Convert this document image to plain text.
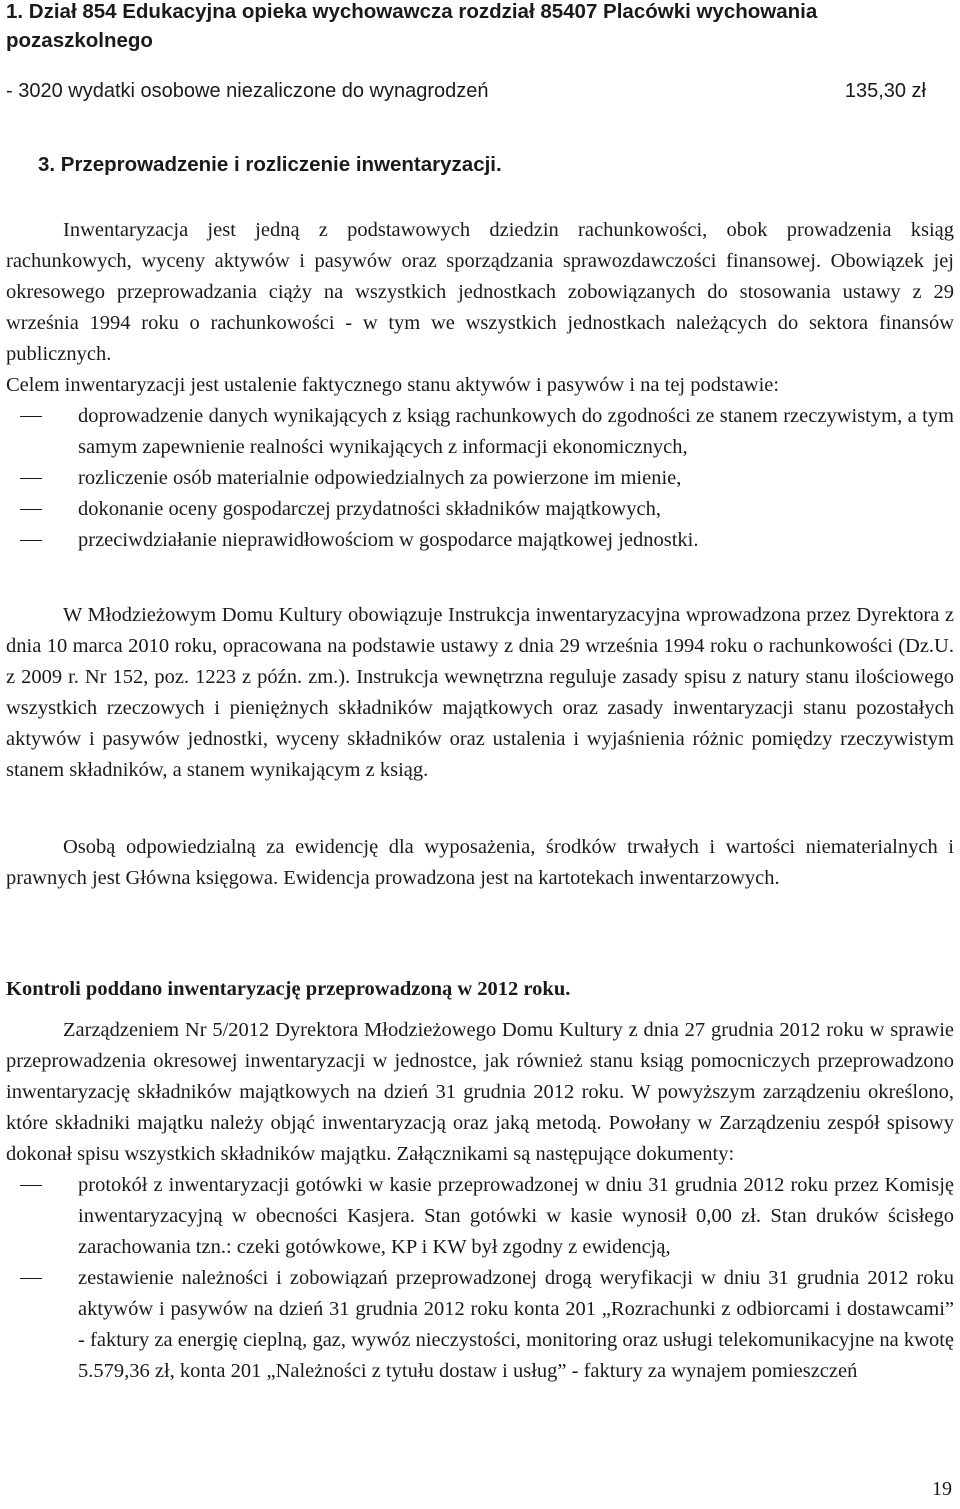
1. Dział 854 Edukacyjna opieka wychowawcza rozdział 85407 Placówki wychowania pozaszkolnego
- 3020 wydatki osobowe niezaliczone do wynagrodzeń	135,30 zł
3. Przeprowadzenie i rozliczenie inwentaryzacji.

Inwentaryzacja jest jedną z podstawowych dziedzin rachunkowości, obok prowadzenia ksiąg rachunkowych, wyceny aktywów i pasywów oraz sporządzania sprawozdawczości finansowej. Obowiązek jej okresowego przeprowadzania ciąży na wszystkich jednostkach zobowiązanych do stosowania ustawy z 29 września 1994 roku o rachunkowości - w tym we wszystkich jednostkach należących do sektora finansów publicznych.

Celem inwentaryzacji jest ustalenie faktycznego stanu aktywów i pasywów i na tej podstawie:

doprowadzenie danych wynikających z ksiąg rachunkowych do zgodności ze stanem rzeczywistym, a tym samym zapewnienie realności wynikających z informacji ekonomicznych,
rozliczenie osób materialnie odpowiedzialnych za powierzone im mienie,
dokonanie oceny gospodarczej przydatności składników majątkowych,
przeciwdziałanie nieprawidłowościom w gospodarce majątkowej jednostki.

W Młodzieżowym Domu Kultury obowiązuje Instrukcja inwentaryzacyjna wprowadzona przez Dyrektora z dnia 10 marca 2010 roku, opracowana na podstawie ustawy z dnia 29 września 1994 roku o rachunkowości (Dz.U. z 2009 r. Nr 152, poz. 1223 z późn. zm.). Instrukcja wewnętrzna reguluje zasady spisu z natury stanu ilościowego wszystkich rzeczowych i pieniężnych składników majątkowych oraz zasady inwentaryzacji stanu pozostałych aktywów i pasywów jednostki, wyceny składników oraz ustalenia i wyjaśnienia różnic pomiędzy rzeczywistym stanem składników, a stanem wynikającym z ksiąg.

Osobą odpowiedzialną za ewidencję dla wyposażenia, środków trwałych i wartości niematerialnych i prawnych jest Główna księgowa. Ewidencja prowadzona jest na kartotekach inwentarzowych.

Kontroli poddano inwentaryzację przeprowadzoną w 2012 roku.

Zarządzeniem Nr 5/2012 Dyrektora Młodzieżowego Domu Kultury z dnia 27 grudnia 2012 roku w sprawie przeprowadzenia okresowej inwentaryzacji w jednostce, jak również stanu ksiąg pomocniczych przeprowadzono inwentaryzację składników majątkowych na dzień 31 grudnia 2012 roku. W powyższym zarządzeniu określono, które składniki majątku należy objąć inwentaryzacją oraz jaką metodą. Powołany w Zarządzeniu zespół spisowy dokonał spisu wszystkich składników majątku. Załącznikami są następujące dokumenty:

protokół z inwentaryzacji gotówki w kasie przeprowadzonej w dniu 31 grudnia 2012 roku przez Komisję inwentaryzacyjną w obecności Kasjera. Stan gotówki w kasie wynosił 0,00 zł. Stan druków ścisłego zarachowania tzn.: czeki gotówkowe, KP i KW był zgodny z ewidencją,
zestawienie należności i zobowiązań przeprowadzonej drogą weryfikacji w dniu 31 grudnia 2012 roku aktywów i pasywów na dzień 31 grudnia 2012 roku konta 201 „Rozrachunki z odbiorcami i dostawcami” - faktury za energię cieplną, gaz, wywóz nieczystości, monitoring oraz usługi telekomunikacyjne na kwotę 5.579,36 zł, konta 201 „Należności z tytułu dostaw i usług” - faktury za wynajem pomieszczeń
19
